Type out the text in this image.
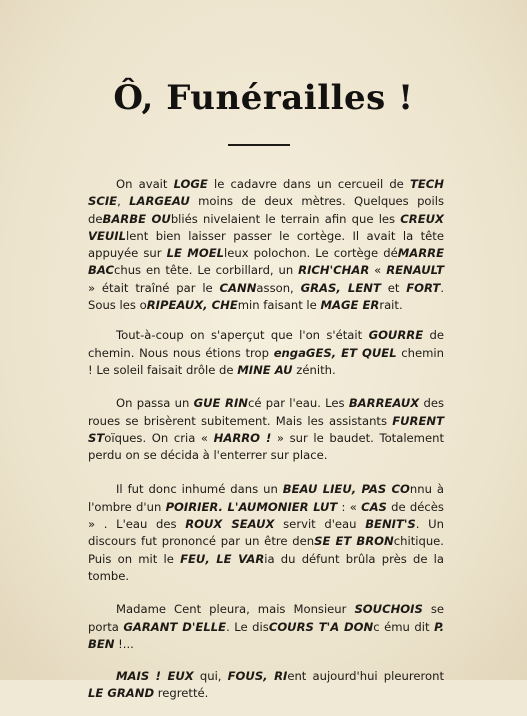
Ô, Funérailles !

On avait LOGE le cadavre dans un cercueil de TECH SCIE, LARGEAU moins de deux mètres. Quelques poils deBARBE OUbliés nivelaient le terrain afin que les CREUX VEUILlent bien laisser passer le cortège. Il avait la tête appuyée sur LE MOELleux polochon. Le cortège déMARRE BACchus en tête. Le corbillard, un RICH'CHAR « RENAULT » était traîné par le CANNasson, GRAS, LENT et FORT. Sous les oRIPEAUX, CHEmin faisant le MAGE ERrait.

Tout-à-coup on s'aperçut que l'on s'était GOURRE de chemin. Nous nous étions trop engaGES, ET QUEL chemin ! Le soleil faisait drôle de MINE AU zénith.

On passa un GUE RINcé par l'eau. Les BARREAUX des roues se brisèrent subitement. Mais les assistants FURENT SToïques. On cria « HARRO ! » sur le baudet. Totalement perdu on se décida à l'enterrer sur place.

Il fut donc inhumé dans un BEAU LIEU, PAS COnnu à l'ombre d'un POIRIER. L'AUMONIER LUT : « CAS de décès » . L'eau des ROUX SEAUX servit d'eau BENIT'S. Un discours fut prononcé par un être denSE ET BRONchitique. Puis on mit le FEU, LE VARia du défunt brûla près de la tombe.

Madame Cent pleura, mais Monsieur SOUCHOIS se porta GARANT D'ELLE. Le disCOURS T'A DONc ému dit P. BEN !...

MAIS ! EUX qui, FOUS, RIent aujourd'hui pleureront LE GRAND regretté.
